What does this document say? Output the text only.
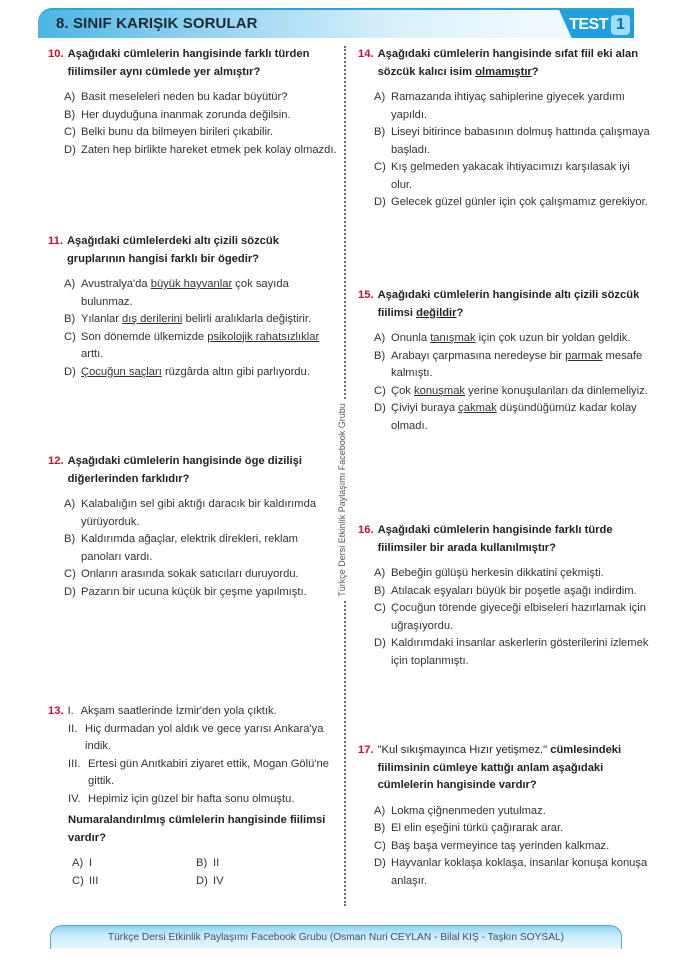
8. SINIF KARIŞIK SORULAR	TEST 1
Türkçe Dersi Etkinlik Paylaşımı Facebook Grubu
10. Aşağıdaki cümlelerin hangisinde farklı türden fiilimsiler aynı cümlede yer almıştır?
A) Basit meseleleri neden bu kadar büyütür?
B) Her duyduğuna inanmak zorunda değilsin.
C) Belki bunu da bilmeyen birileri çıkabilir.
D) Zaten hep birlikte hareket etmek pek kolay olmazdı.
11. Aşağıdaki cümlelerdeki altı çizili sözcük gruplarının hangisi farklı bir ögedir?
A) Avustralya'da büyük hayvanlar çok sayıda bulunmaz.
B) Yılanlar dış derilerini belirli aralıklarla değiştirir.
C) Son dönemde ülkemizde psikolojik rahatsızlıklar arttı.
D) Çocuğun saçları rüzgârda altın gibi parlıyordu.
12. Aşağıdaki cümlelerin hangisinde öge dizilişi diğerlerinden farklıdır?
A) Kalabalığın sel gibi aktığı daracık bir kaldırımda yürüyorduk.
B) Kaldırımda ağaçlar, elektrik direkleri, reklam panoları vardı.
C) Onların arasında sokak satıcıları duruyordu.
D) Pazarın bir ucuna küçük bir çeşme yapılmıştı.
13. I. Akşam saatlerinde İzmir'den yola çıktık.
II. Hiç durmadan yol aldık ve gece yarısı Ankara'ya indik.
III. Ertesi gün Anıtkabiri ziyaret ettik, Mogan Gölü'ne gittik.
IV. Hepimiz için güzel bir hafta sonu olmuştu.
Numaralandırılmış cümlelerin hangisinde fiilimsi vardır?
A) I	B) II
C) III	D) IV
14. Aşağıdaki cümlelerin hangisinde sıfat fiil eki alan sözcük kalıcı isim olmamıştır?
A) Ramazanda ihtiyaç sahiplerine giyecek yardımı yapıldı.
B) Liseyi bitirince babasının dolmuş hattında çalışmaya başladı.
C) Kış gelmeden yakacak ihtiyacımızı karşılasak iyi olur.
D) Gelecek güzel günler için çok çalışmamız gerekiyor.
15. Aşağıdaki cümlelerin hangisinde altı çizili sözcük fiilimsi değildir?
A) Onunla tanışmak için çok uzun bir yoldan geldik.
B) Arabayı çarpmasına neredeyse bir parmak mesafe kalmıştı.
C) Çok konuşmak yerine konuşulanları da dinlemeliyiz.
D) Çiviyi buraya çakmak düşündüğümüz kadar kolay olmadı.
16. Aşağıdaki cümlelerin hangisinde farklı türde fiilimsiler bir arada kullanılmıştır?
A) Bebeğin gülüşü herkesin dikkatini çekmişti.
B) Atılacak eşyaları büyük bir poşetle aşağı indirdim.
C) Çocuğun törende giyeceği elbiseleri hazırlamak için uğraşıyordu.
D) Kaldırımdaki insanlar askerlerin gösterilerini izlemek için toplanmıştı.
17. "Kul sıkışmayınca Hızır yetişmez." cümlesindeki fiilimsinin cümleye kattığı anlam aşağıdaki cümlelerin hangisinde vardır?
A) Lokma çiğnenmeden yutulmaz.
B) El elin eşeğini türkü çağırarak arar.
C) Baş başa vermeyince taş yerinden kalkmaz.
D) Hayvanlar koklaşa koklaşa, insanlar konuşa konuşa anlaşır.
Türkçe Dersi Etkinlik Paylaşımı Facebook Grubu (Osman Nuri CEYLAN - Bilal KIŞ - Taşkın SOYSAL)
